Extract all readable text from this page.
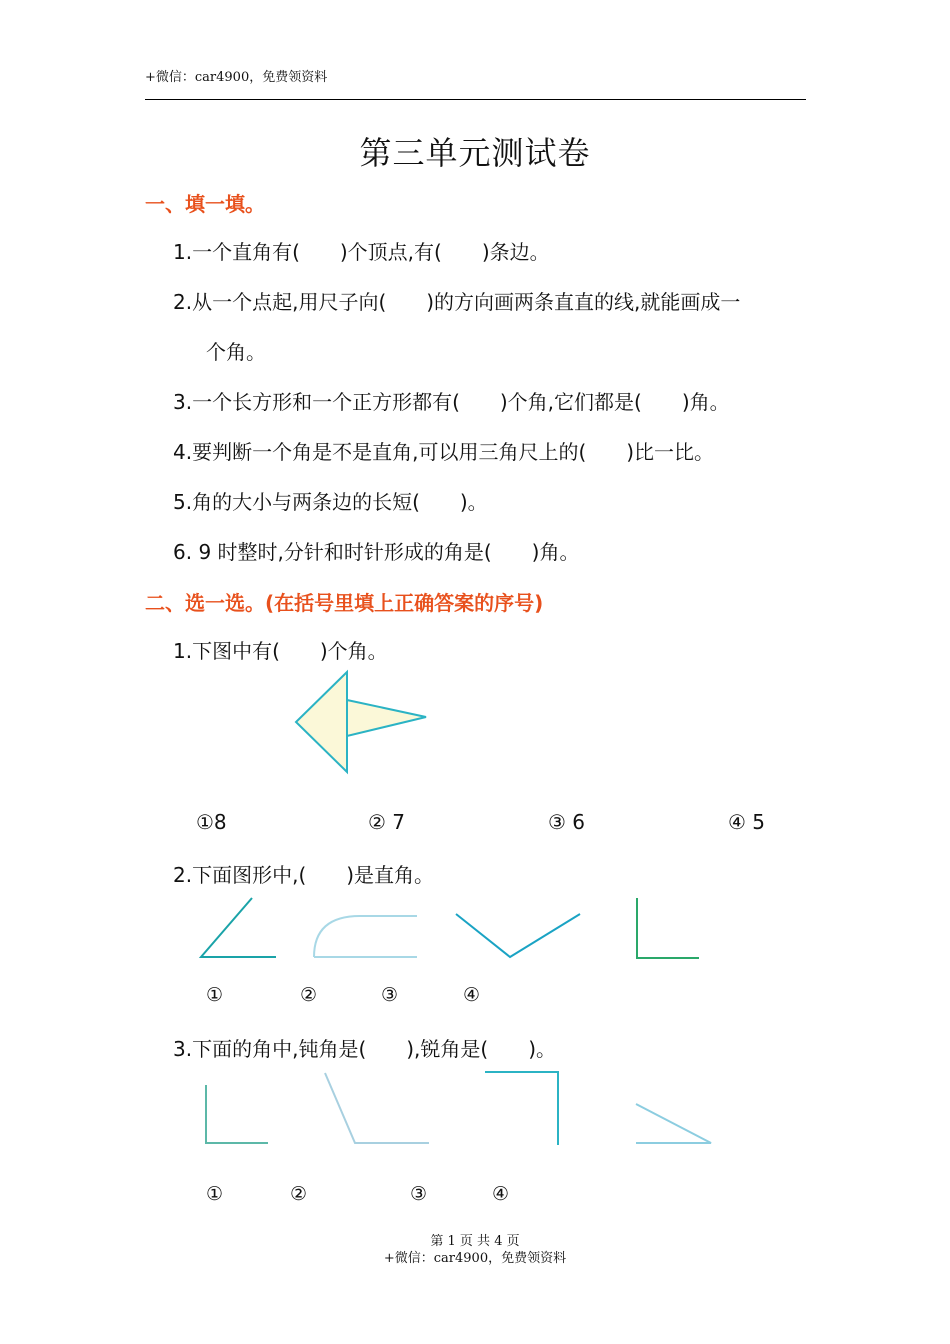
+微信：car4900，免费领资料
第三单元测试卷
一、填一填。
1.一个直角有(　　)个顶点,有(　　)条边。
2.从一个点起,用尺子向(　　)的方向画两条直直的线,就能画成一
个角。
3.一个长方形和一个正方形都有(　　)个角,它们都是(　　)角。
4.要判断一个角是不是直角,可以用三角尺上的(　　)比一比。
5.角的大小与两条边的长短(　　)。
6. 9 时整时,分针和时针形成的角是(　　)角。
二、选一选。(在括号里填上正确答案的序号)
1.下图中有(　　)个角。
①8	② 7	③ 6	④ 5
2.下面图形中,(　　)是直角。
①	②	③	④
3.下面的角中,钝角是(　　),锐角是(　　)。
①	②	③	④
第 1 页 共 4 页
+微信：car4900，免费领资料
